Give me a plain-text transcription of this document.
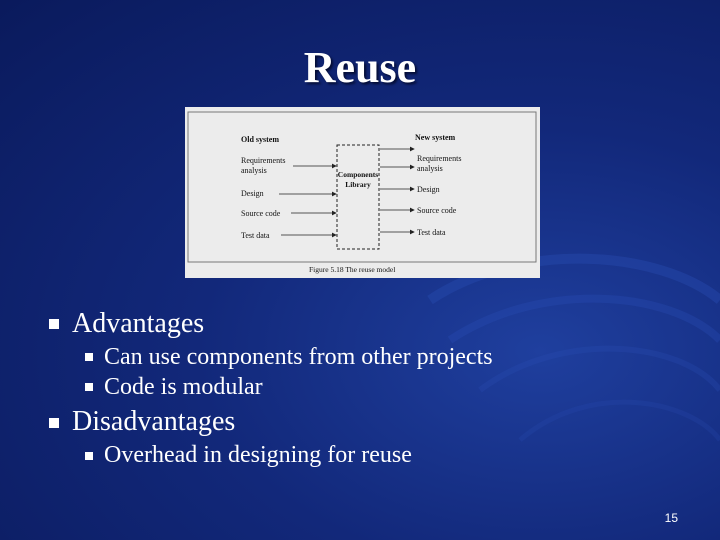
Reuse
Old system	New system
Requirements
analysis
Design
Source code
Test data
Requirements
analysis
Design
Source code
Test data
Components
Library
Figure 5.18 The reuse model
Advantages
Can use components from other projects
Code is modular
Disadvantages
Overhead in designing for reuse
15
